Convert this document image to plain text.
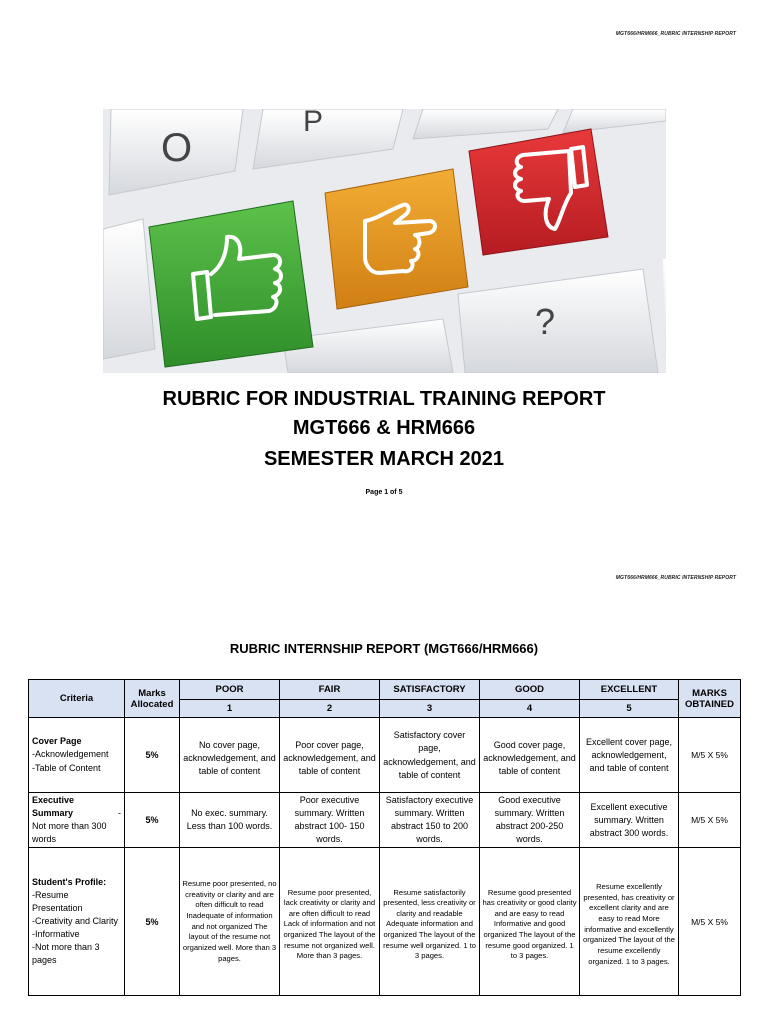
MGT666/HRM666_RUBRIC INTERNSHIP REPORT
O
P
?
RUBRIC FOR INDUSTRIAL TRAINING REPORT
MGT666 & HRM666
SEMESTER MARCH 2021
Page 1 of 5
MGT666/HRM666_RUBRIC INTERNSHIP REPORT
RUBRIC INTERNSHIP REPORT (MGT666/HRM666)
Criteria	Marks Allocated	POOR	FAIR	SATISFACTORY	GOOD	EXCELLENT	MARKS OBTAINED
		1	2	3	4	5	

Cover Page
-Acknowledgement
-Table of Content	5%	No cover page, acknowledgement, and table of content	Poor cover page, acknowledgement, and table of content	Satisfactory cover page, acknowledgement, and table of content	Good cover page, acknowledgement, and table of content	Excellent cover page, acknowledgement, and table of content	M/5 X 5%

Executive
Summary -
Not more than 300 words	5%	No exec. summary. Less than 100 words.	Poor executive summary. Written abstract 100- 150 words.	Satisfactory executive summary. Written abstract 150 to 200 words.	Good executive summary. Written abstract 200-250 words.	Excellent executive summary. Written abstract 300 words.	M/5 X 5%

Student's Profile:
-Resume Presentation
-Creativity and Clarity
-Informative
-Not more than 3 pages	5%	Resume poor presented, no creativity or clarity and are often difficult to read Inadequate of information and not organized The layout of the resume not organized well. More than 3 pages.	Resume poor presented, lack creativity or clarity and are often difficult to read Lack of information and not organized The layout of the resume not organized well. More than 3 pages.	Resume satisfactorily presented, less creativity or clarity and readable Adequate information and organized The layout of the resume well organized. 1 to 3 pages.	Resume good presented has creativity or good clarity and are easy to read Informative and good organized The layout of the resume good organized. 1 to 3 pages.	Resume excellently presented, has creativity or excellent clarity and are easy to read More informative and excellently organized The layout of the resume excellently organized. 1 to 3 pages.	M/5 X 5%
